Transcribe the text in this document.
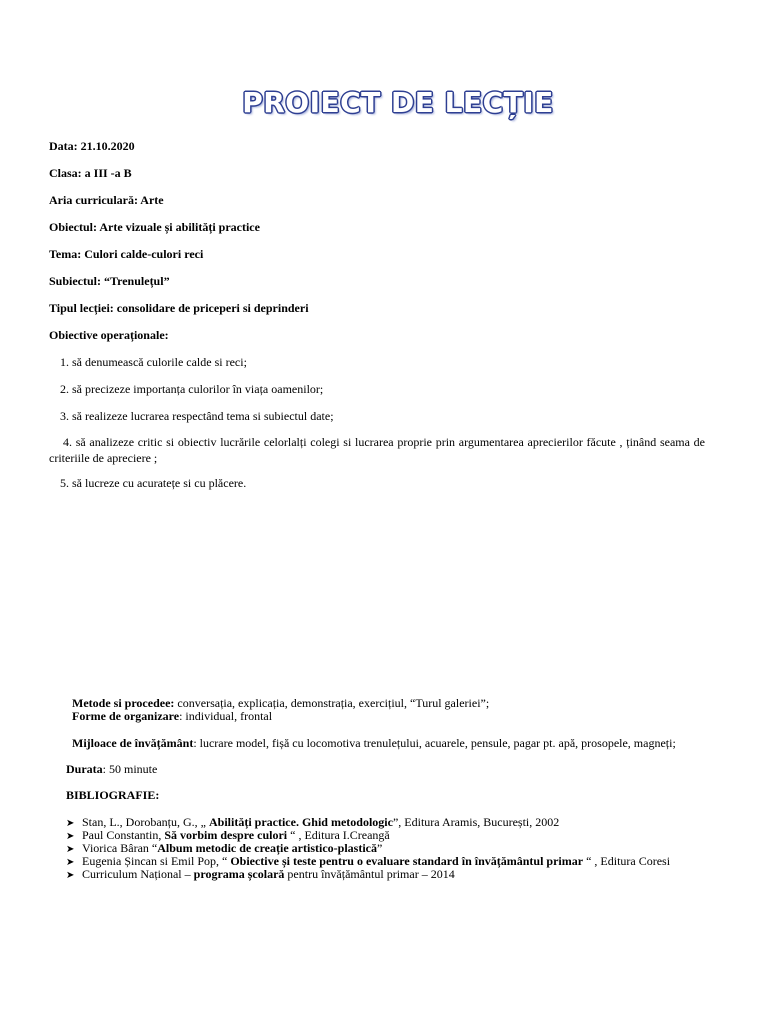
PROIECT DE LECȚIE
Data: 21.10.2020
Clasa: a III -a B
Aria curriculară: Arte
Obiectul: Arte vizuale și abilități practice
Tema: Culori calde-culori reci
Subiectul: “Trenulețul”
Tipul lecției: consolidare de priceperi si deprinderi
Obiective operaționale:
1. să denumească culorile calde si reci;
2. să precizeze importanța culorilor în viața oamenilor;
3. să realizeze lucrarea respectând tema si subiectul date;
4. să analizeze critic si obiectiv lucrările celorlalți colegi si lucrarea proprie prin argumentarea aprecierilor făcute , ținând seama de criteriile de apreciere ;
5. să lucreze cu acuratețe si cu plăcere.
Metode si procedee: conversația, explicația, demonstrația, exercițiul, “Turul galeriei”;
Forme de organizare: individual, frontal
Mijloace de învățământ: lucrare model, fișă cu locomotiva trenulețului, acuarele, pensule, pagar pt. apă, prosopele, magneți;
Durata: 50 minute
BIBLIOGRAFIE:
➤ Stan, L., Dorobanțu, G., „ Abilități practice. Ghid metodologic”, Editura Aramis, București, 2002
➤ Paul Constantin, Să vorbim despre culori “ , Editura I.Creangă
➤ Viorica Bâran “Album metodic de creație artistico-plastică”
➤ Eugenia Șincan si Emil Pop, “ Obiective și teste pentru o evaluare standard în învățământul primar “ , Editura Coresi
➤ Curriculum Național – programa școlară pentru învățământul primar – 2014
